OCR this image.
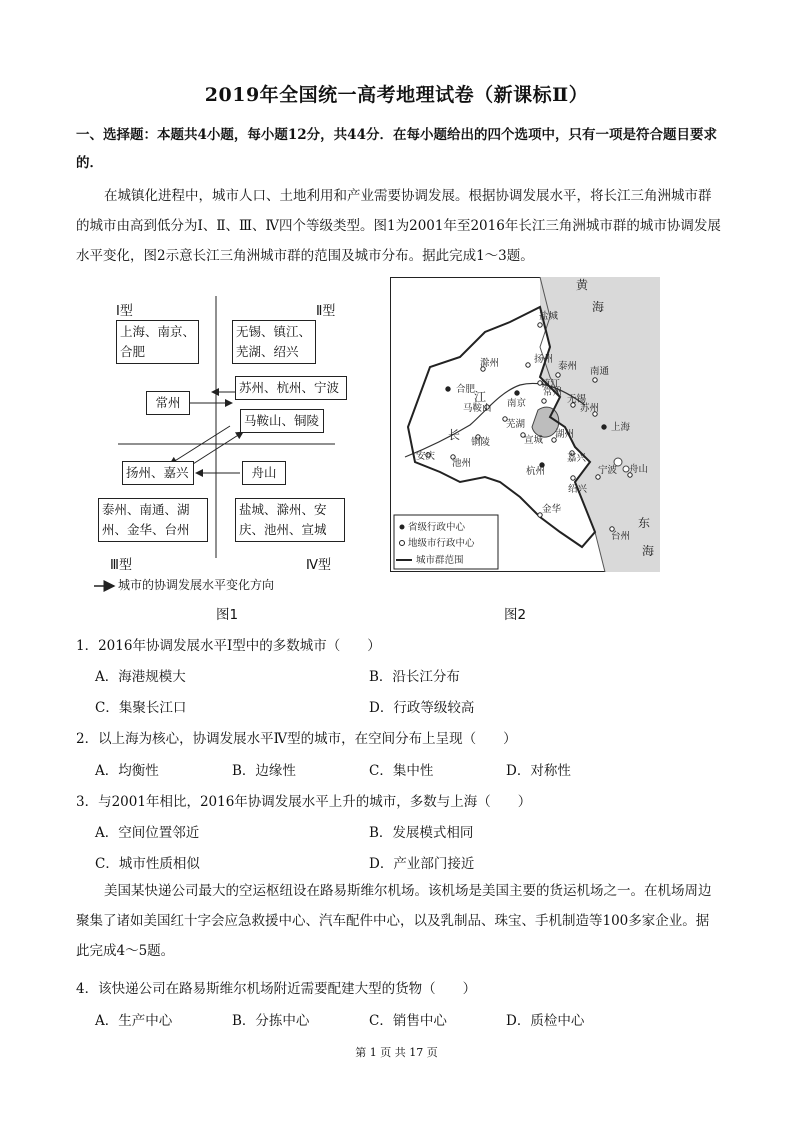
2019年全国统一高考地理试卷（新课标Ⅱ）
一、选择题：本题共4小题，每小题12分，共44分．在每小题给出的四个选项中，只有一项是符合题目要求的．
在城镇化进程中，城市人口、土地利用和产业需要协调发展。根据协调发展水平，将长江三角洲城市群的城市由高到低分为Ⅰ、Ⅱ、Ⅲ、Ⅳ四个等级类型。图1为2001年至2016年长江三角洲城市群的城市协调发展水平变化，图2示意长江三角洲城市群的范围及城市分布。据此完成1～3题。
Ⅰ型	Ⅱ型
Ⅲ型	Ⅳ型
上海、南京、合肥
无锡、镇江、芜湖、绍兴
苏州、杭州、宁波
常州
马鞍山、铜陵
扬州、嘉兴	舟山
泰州、南通、湖州、金华、台州
盐城、滁州、安庆、池州、宣城
城市的协调发展水平变化方向
图1
黄
海
东
海
江
长
盐城
扬州
泰州 南通
滁州
合肥	镇江
常州
无锡
南京
马鞍山	苏州
上海
芜湖
铜陵	宣城
湖州
安庆
池州	嘉兴
杭州	舟山
绍兴
宁波
金华
台州
省级行政中心
地级市行政中心
城市群范围
图2
1．2016年协调发展水平Ⅰ型中的多数城市（　　）
A．海港规模大	B．沿长江分布
C．集聚长江口	D．行政等级较高
2．以上海为核心，协调发展水平Ⅳ型的城市，在空间分布上呈现（　　）
A．均衡性	B．边缘性	C．集中性	D．对称性
3．与2001年相比，2016年协调发展水平上升的城市，多数与上海（　　）
A．空间位置邻近	B．发展模式相同
C．城市性质相似	D．产业部门接近
美国某快递公司最大的空运枢纽设在路易斯维尔机场。该机场是美国主要的货运机场之一。在机场周边聚集了诸如美国红十字会应急救援中心、汽车配件中心，以及乳制品、珠宝、手机制造等100多家企业。据此完成4～5题。
4．该快递公司在路易斯维尔机场附近需要配建大型的货物（　　）
A．生产中心	B．分拣中心	C．销售中心	D．质检中心
第 1 页 共 17 页
